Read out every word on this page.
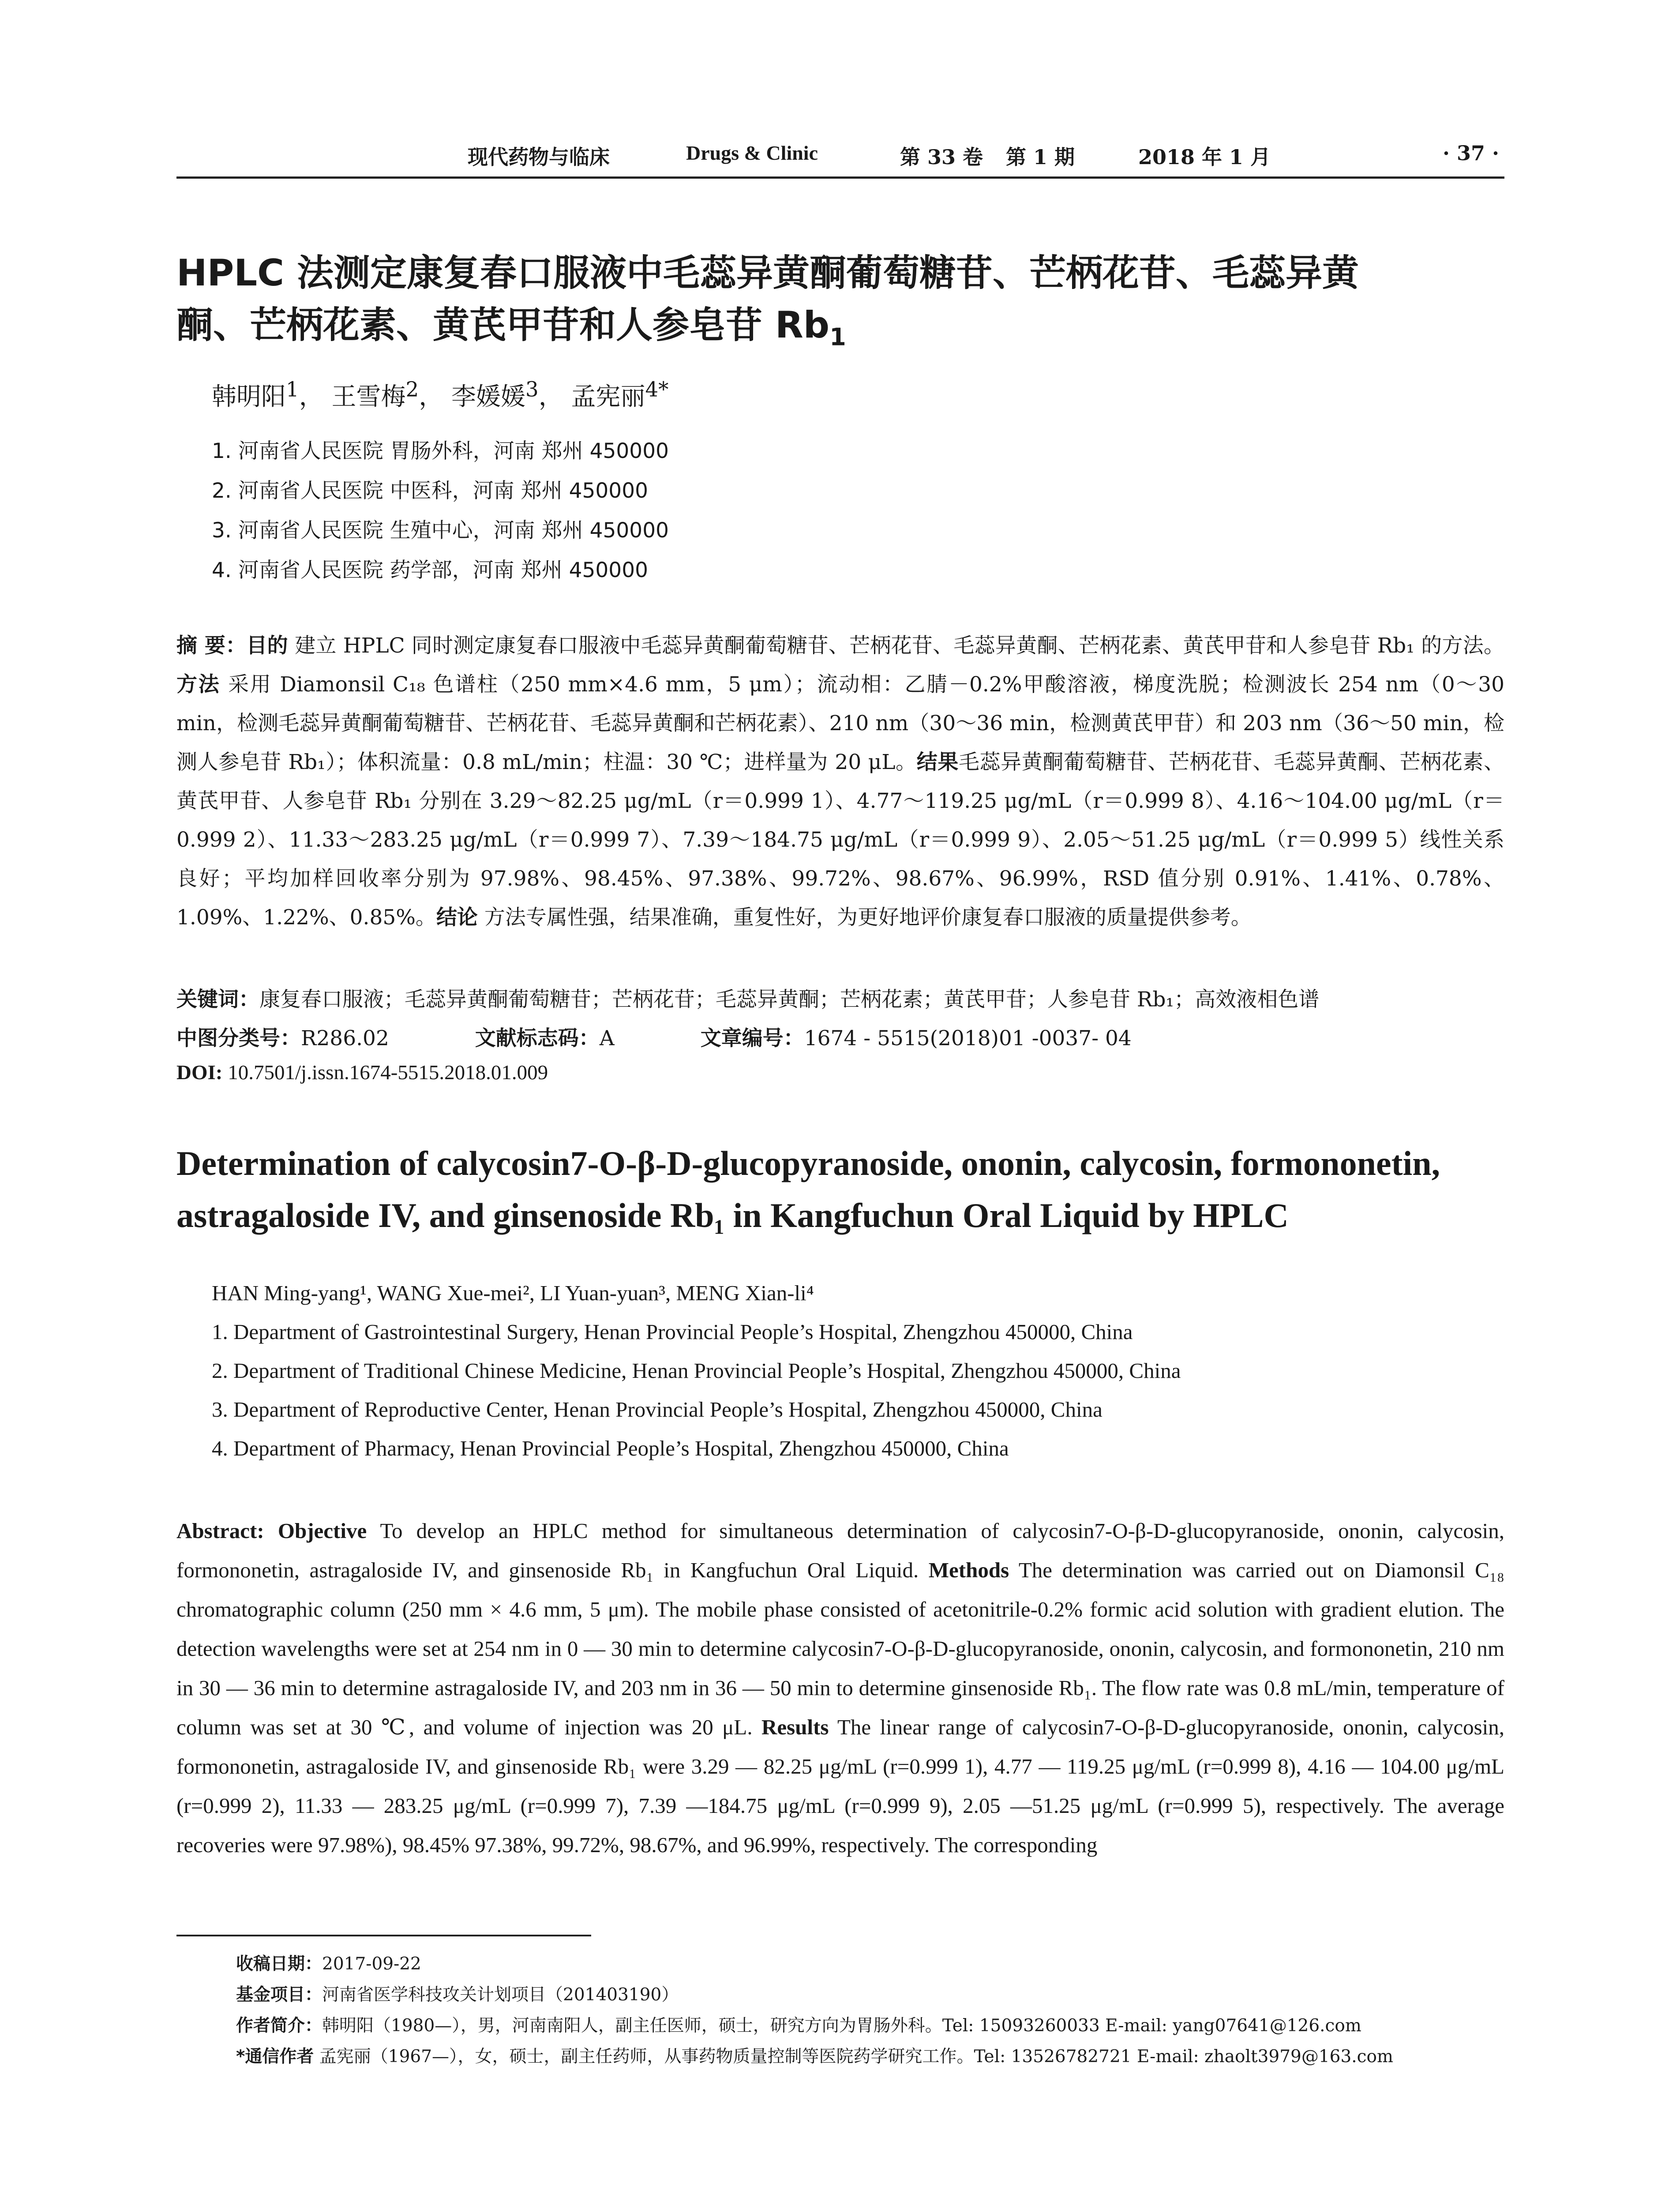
现代药物与临床	Drugs & Clinic	第 33 卷 第 1 期	2018 年 1 月	· 37 ·
HPLC 法测定康复春口服液中毛蕊异黄酮葡萄糖苷、芒柄花苷、毛蕊异黄
酮、芒柄花素、黄芪甲苷和人参皂苷 $Rb_1$
韩明阳$^1$， 王雪梅$^2$， 李媛媛$^3$， 孟宪丽$^{4*}$
1. 河南省人民医院 胃肠外科，河南 郑州 450000
2. 河南省人民医院 中医科，河南 郑州 450000
3. 河南省人民医院 生殖中心，河南 郑州 450000
4. 河南省人民医院 药学部，河南 郑州 450000
摘 要：目的 建立 HPLC 同时测定康复春口服液中毛蕊异黄酮葡萄糖苷、芒柄花苷、毛蕊异黄酮、芒柄花素、黄芪甲苷和人参皂苷 Rb₁ 的方法。方法 采用 Diamonsil C₁₈ 色谱柱（250 mm×4.6 mm，5 μm）；流动相：乙腈－0.2%甲酸溶液，梯度洗脱；检测波长 254 nm（0～30 min，检测毛蕊异黄酮葡萄糖苷、芒柄花苷、毛蕊异黄酮和芒柄花素）、210 nm（30～36 min，检测黄芪甲苷）和 203 nm（36～50 min，检测人参皂苷 Rb₁）；体积流量：0.8 mL/min；柱温：30 ℃；进样量为 20 μL。结果毛蕊异黄酮葡萄糖苷、芒柄花苷、毛蕊异黄酮、芒柄花素、黄芪甲苷、人参皂苷 Rb₁ 分别在 3.29～82.25 μg/mL（r＝0.999 1）、4.77～119.25 μg/mL（r＝0.999 8）、4.16～104.00 μg/mL（r＝0.999 2）、11.33～283.25 μg/mL（r＝0.999 7）、7.39～184.75 μg/mL（r＝0.999 9）、2.05～51.25 μg/mL（r＝0.999 5）线性关系良好；平均加样回收率分别为 97.98%、98.45%、97.38%、99.72%、98.67%、96.99%，RSD 值分别 0.91%、1.41%、0.78%、1.09%、1.22%、0.85%。结论 方法专属性强，结果准确，重复性好，为更好地评价康复春口服液的质量提供参考。
关键词：康复春口服液；毛蕊异黄酮葡萄糖苷；芒柄花苷；毛蕊异黄酮；芒柄花素；黄芪甲苷；人参皂苷 Rb₁；高效液相色谱
中图分类号：R286.02	文献标志码：A	文章编号：1674 - 5515(2018)01 -0037- 04
DOI: 10.7501/j.issn.1674-5515.2018.01.009
Determination of calycosin7-O-β-D-glucopyranoside, ononin, calycosin, formononetin,
astragaloside IV, and ginsenoside Rb₁ in Kangfuchun Oral Liquid by HPLC
HAN Ming-yang¹, WANG Xue-mei², LI Yuan-yuan³, MENG Xian-li⁴
1. Department of Gastrointestinal Surgery, Henan Provincial People’s Hospital, Zhengzhou 450000, China
2. Department of Traditional Chinese Medicine, Henan Provincial People’s Hospital, Zhengzhou 450000, China
3. Department of Reproductive Center, Henan Provincial People’s Hospital, Zhengzhou 450000, China
4. Department of Pharmacy, Henan Provincial People’s Hospital, Zhengzhou 450000, China
Abstract: Objective To develop an HPLC method for simultaneous determination of calycosin7-O-β-D-glucopyranoside, ononin, calycosin, formononetin, astragaloside IV, and ginsenoside Rb₁ in Kangfuchun Oral Liquid. Methods The determination was carried out on Diamonsil C₁₈ chromatographic column (250 mm × 4.6 mm, 5 μm). The mobile phase consisted of acetonitrile-0.2% formic acid solution with gradient elution. The detection wavelengths were set at 254 nm in 0 — 30 min to determine calycosin7-O-β-D-glucopyranoside, ononin, calycosin, and formononetin, 210 nm in 30 — 36 min to determine astragaloside IV, and 203 nm in 36 — 50 min to determine ginsenoside Rb₁. The flow rate was 0.8 mL/min, temperature of column was set at 30 ℃, and volume of injection was 20 μL. Results The linear range of calycosin7-O-β-D-glucopyranoside, ononin, calycosin, formononetin, astragaloside IV, and ginsenoside Rb₁ were 3.29 — 82.25 μg/mL (r=0.999 1), 4.77 — 119.25 μg/mL (r=0.999 8), 4.16 — 104.00 μg/mL (r=0.999 2), 11.33 — 283.25 μg/mL (r=0.999 7), 7.39 —184.75 μg/mL (r=0.999 9), 2.05 —51.25 μg/mL (r=0.999 5), respectively. The average recoveries were 97.98%), 98.45% 97.38%, 99.72%, 98.67%, and 96.99%, respectively. The corresponding
收稿日期：2017-09-22
基金项目：河南省医学科技攻关计划项目（201403190）
作者简介：韩明阳（1980—），男，河南南阳人，副主任医师，硕士，研究方向为胃肠外科。Tel: 15093260033 E-mail: yang07641@126.com
*通信作者 孟宪丽（1967—），女，硕士，副主任药师，从事药物质量控制等医院药学研究工作。Tel: 13526782721 E-mail: zhaolt3979@163.com
